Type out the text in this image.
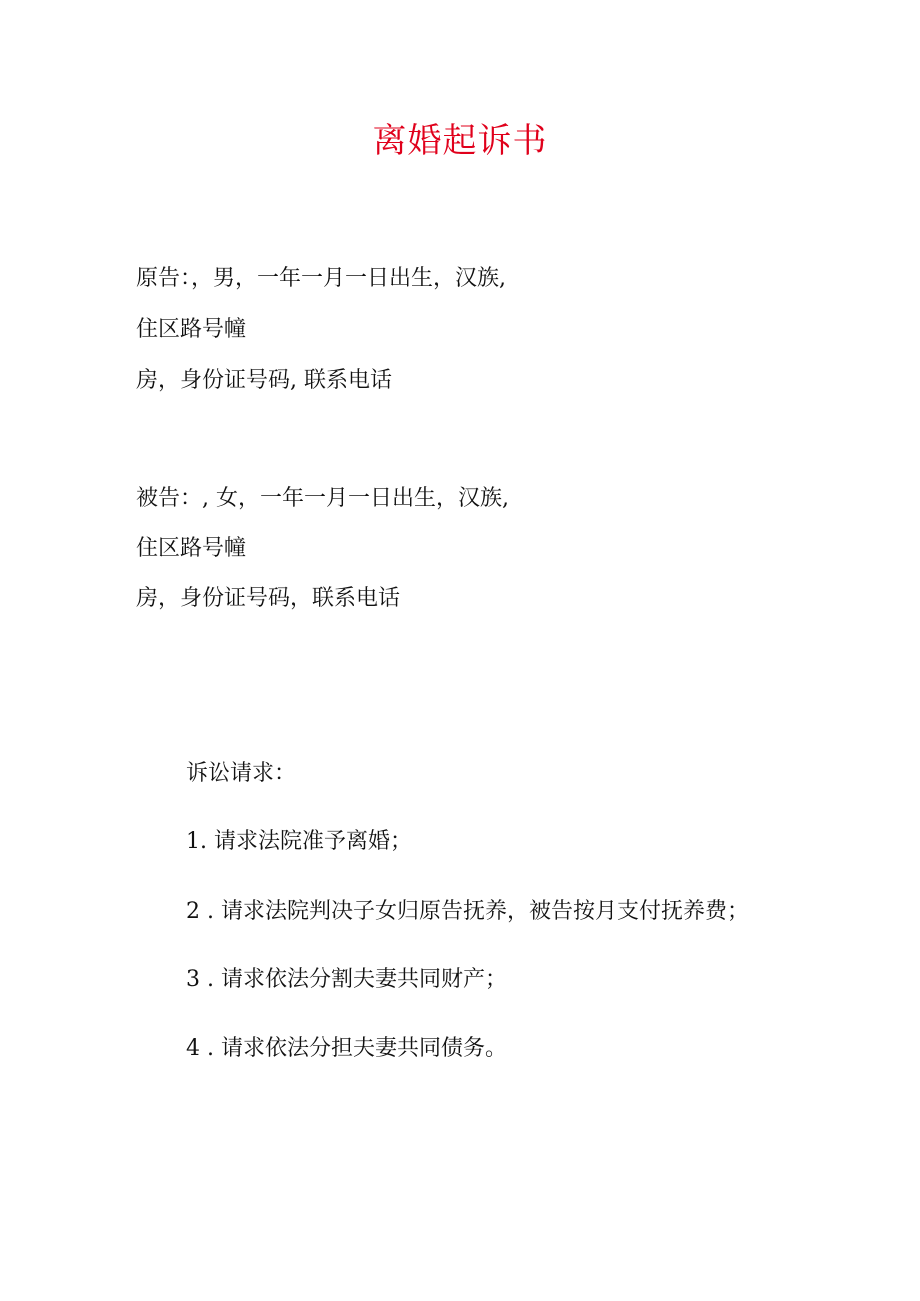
离婚起诉书
原告：，男，一年一月一日出生，汉族,
住区路号幢
房，身份证号码, 联系电话
被告：, 女，一年一月一日出生，汉族,
住区路号幢
房，身份证号码，联系电话
诉讼请求：
1. 请求法院准予离婚；
2 . 请求法院判决子女归原告抚养，被告按月支付抚养费；
3 . 请求依法分割夫妻共同财产；
4 . 请求依法分担夫妻共同债务。
